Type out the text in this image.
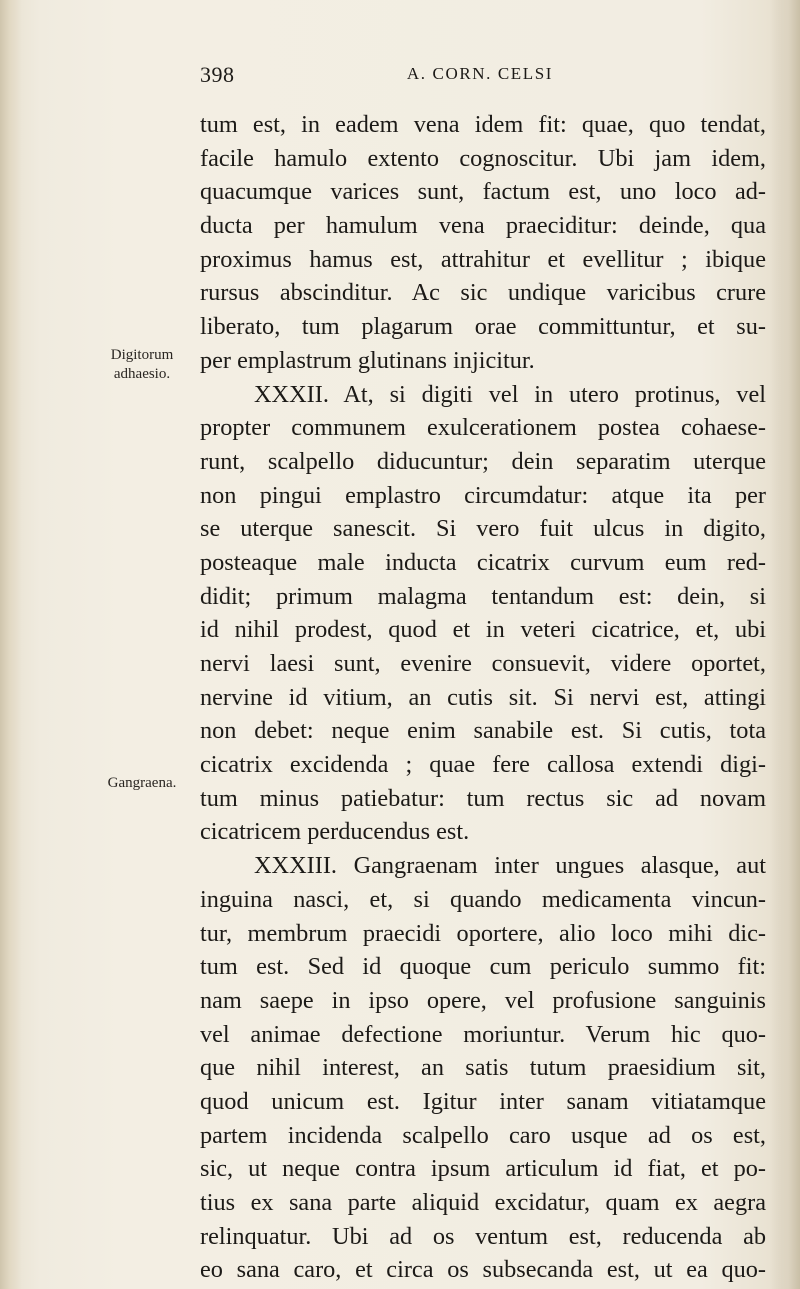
398	A. CORN. CELSI
Digitorum
adhaesio.
Gangraena.
tum est, in eadem vena idem fit: quae, quo tendat,
facile hamulo extento cognoscitur. Ubi jam idem,
quacumque varices sunt, factum est, uno loco ad-
ducta per hamulum vena praeciditur: deinde, qua
proximus hamus est, attrahitur et evellitur ; ibique
rursus abscinditur. Ac sic undique varicibus crure
liberato, tum plagarum orae committuntur, et su-
per emplastrum glutinans injicitur.
XXXII. At, si digiti vel in utero protinus, vel
propter communem exulcerationem postea cohaese-
runt, scalpello diducuntur; dein separatim uterque
non pingui emplastro circumdatur: atque ita per
se uterque sanescit. Si vero fuit ulcus in digito,
posteaque male inducta cicatrix curvum eum red-
didit; primum malagma tentandum est: dein, si
id nihil prodest, quod et in veteri cicatrice, et, ubi
nervi laesi sunt, evenire consuevit, videre oportet,
nervine id vitium, an cutis sit. Si nervi est, attingi
non debet: neque enim sanabile est. Si cutis, tota
cicatrix excidenda ; quae fere callosa extendi digi-
tum minus patiebatur: tum rectus sic ad novam
cicatricem perducendus est.
XXXIII. Gangraenam inter ungues alasque, aut
inguina nasci, et, si quando medicamenta vincun-
tur, membrum praecidi oportere, alio loco mihi dic-
tum est. Sed id quoque cum periculo summo fit:
nam saepe in ipso opere, vel profusione sanguinis
vel animae defectione moriuntur. Verum hic quo-
que nihil interest, an satis tutum praesidium sit,
quod unicum est. Igitur inter sanam vitiatamque
partem incidenda scalpello caro usque ad os est,
sic, ut neque contra ipsum articulum id fiat, et po-
tius ex sana parte aliquid excidatur, quam ex aegra
relinquatur. Ubi ad os ventum est, reducenda ab
eo sana caro, et circa os subsecanda est, ut ea quo-
